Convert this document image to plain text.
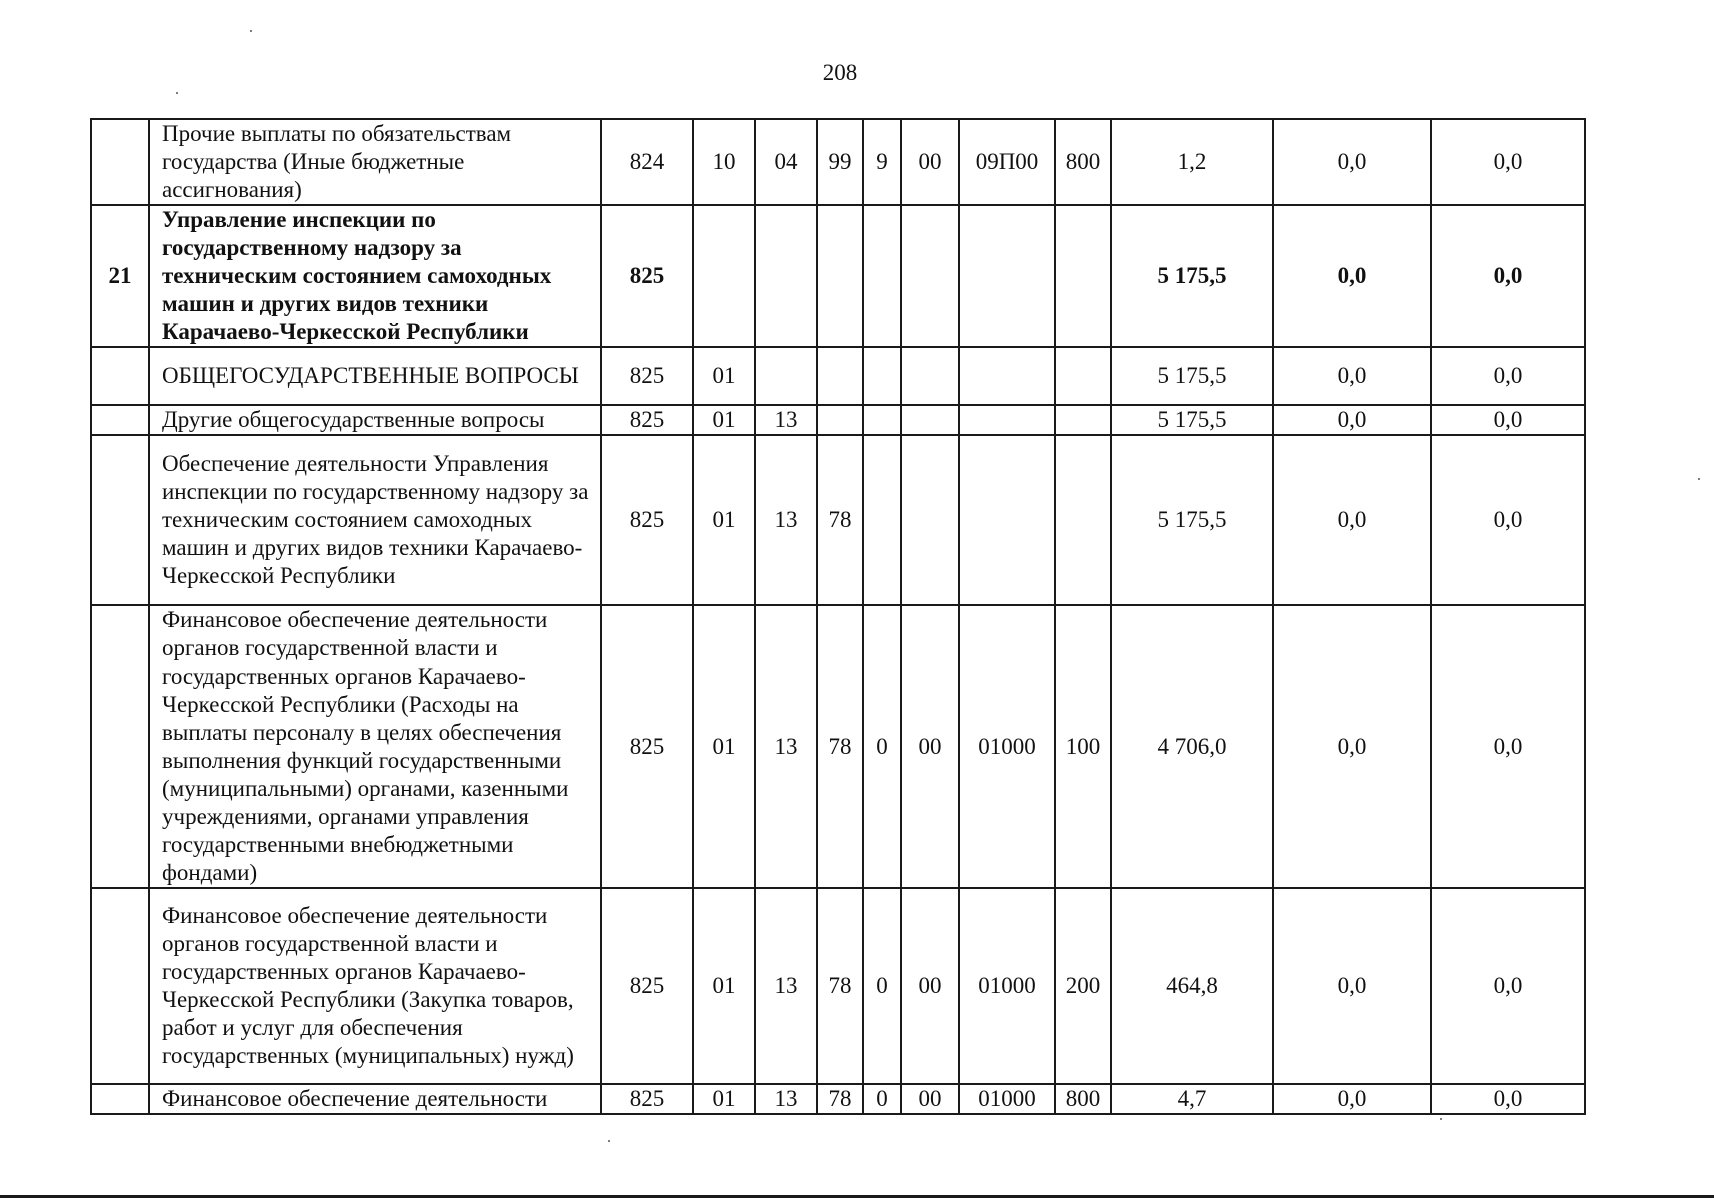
208
	Прочие выплаты по обязательствам государства (Иные бюджетные ассигнования)	824	10	04	99	9	00	09П00	800	1,2	0,0	0,0
21	Управление инспекции по государственному надзору за техническим состоянием самоходных машин и других видов техники Карачаево-Черкесской Республики	825								5 175,5	0,0	0,0
	ОБЩЕГОСУДАРСТВЕННЫЕ ВОПРОСЫ	825	01							5 175,5	0,0	0,0
	Другие общегосударственные вопросы	825	01	13						5 175,5	0,0	0,0
	Обеспечение деятельности Управления инспекции по государственному надзору за техническим состоянием самоходных машин и других видов техники Карачаево-Черкесской Республики	825	01	13	78					5 175,5	0,0	0,0
	Финансовое обеспечение деятельности органов государственной власти и государственных органов Карачаево-Черкесской Республики (Расходы на выплаты персоналу в целях обеспечения выполнения функций государственными (муниципальными) органами, казенными учреждениями, органами управления государственными внебюджетными фондами)	825	01	13	78	0	00	01000	100	4 706,0	0,0	0,0
	Финансовое обеспечение деятельности органов государственной власти и государственных органов Карачаево-Черкесской Республики (Закупка товаров, работ и услуг для обеспечения государственных (муниципальных) нужд)	825	01	13	78	0	00	01000	200	464,8	0,0	0,0
	Финансовое обеспечение деятельности	825	01	13	78	0	00	01000	800	4,7	0,0	0,0
